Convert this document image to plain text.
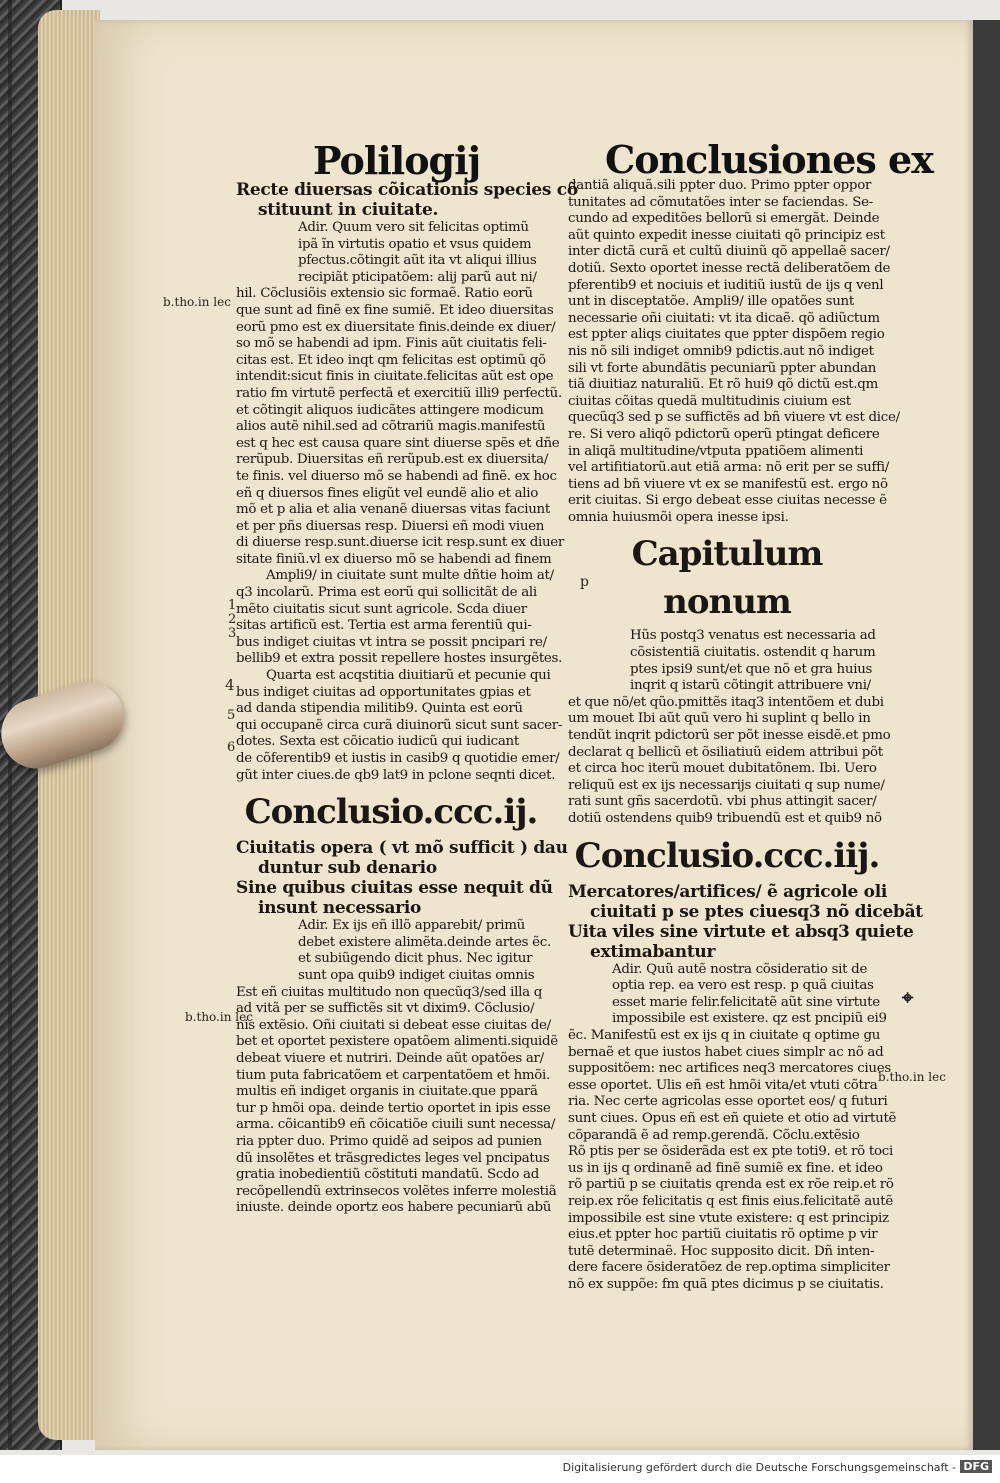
Polilogij	Conclusiones ex
b.tho.in lec
b.tho.in lec
b.tho.in lec
p
⌖
1
2
3
4
5
6
Recte diuersas cõicationis species cõ
stituunt in ciuitate.
Adir. Quum vero sit felicitas optimũ
ipã ĩn virtutis opatio et vsus quidem
pfectus.cõtingit aũt ita vt aliqui illius
recipiãt pticipatõem: alij parũ aut ni/
hil. Cõclusiõis extensio sic formaẽ. Ratio eorũ
que sunt ad finẽ ex fine sumiẽ. Et ideo diuersitas
eorũ pmo est ex diuersitate finis.deinde ex diuer/
so mõ se habendi ad ipm. Finis aũt ciuitatis feli-
citas est. Et ideo inqt qm felicitas est optimũ qõ
intendit:sicut finis in ciuitate.felicitas aũt est ope
ratio fm virtutẽ perfectã et exercitiũ illi9 perfectũ.
et cõtingit aliquos iudicãtes attingere modicum
alios autẽ nihil.sed ad cõtrariũ magis.manifestũ
est q hec est causa quare sint diuerse spẽs et dñe
rerũpub. Diuersitas eñ rerũpub.est ex diuersita/
te finis. vel diuerso mõ se habendi ad finẽ. ex hoc
eñ q diuersos fines eligũt vel eundẽ alio et alio
mõ et p alia et alia venanẽ diuersas vitas faciunt
et per pñs diuersas resp. Diuersi eñ modi viuen
di diuerse resp.sunt.diuerse icit resp.sunt ex diuer
sitate finiũ.vl ex diuerso mõ se habendi ad finem
Ampli9/ in ciuitate sunt multe dñtie hoim at/
q3 incolarũ. Prima est eorũ qui sollicitãt de ali
mẽto ciuitatis sicut sunt agricole. Scda diuer
sitas artificũ est. Tertia est arma ferentiũ qui-
bus indiget ciuitas vt intra se possit pncipari re/
bellib9 et extra possit repellere hostes insurgẽtes.
Quarta est acqstitia diuitiarũ et pecunie qui
bus indiget ciuitas ad opportunitates gpias et
ad danda stipendia militib9. Quinta est eorũ
qui occupanẽ circa curã diuinorũ sicut sunt sacer-
dotes. Sexta est cõicatio iudicũ qui iudicant
de cõferentib9 et iustis in casib9 q quotidie emer/
gũt inter ciues.de qb9 lat9 in pclone seqnti dicet.
Conclusio.ccc.ij.
Ciuitatis opera ( vt mõ sufficit ) dau
duntur sub denario
Sine quibus ciuitas esse nequit dũ
insunt necessario
Adir. Ex ijs eñ illõ apparebit/ primũ
debet existere alimẽta.deinde artes ẽc.
et subiũgendo dicit phus. Nec igitur
sunt opa quib9 indiget ciuitas omnis
Est eñ ciuitas multitudo non quecũq3/sed illa q
ad vitã per se suffictẽs sit vt dixim9. Cõclusio/
nis extẽsio. Oñi ciuitati si debeat esse ciuitas de/
bet et oportet pexistere opatõem alimenti.siquidẽ
debeat viuere et nutriri. Deinde aũt opatões ar/
tium puta fabricatõem et carpentatõem et hmõi.
multis eñ indiget organis in ciuitate.que pparã
tur p hmõi opa. deinde tertio oportet in ipis esse
arma. cõicantib9 eñ cõicatiõe ciuili sunt necessa/
ria ppter duo. Primo quidẽ ad seipos ad punien
dũ insolẽtes et trãsgredictes leges vel pncipatus
gratia inobedientiũ cõstituti mandatũ. Scdo ad
recõpellendũ extrinsecos volẽtes inferre molestiã
iniuste. deinde oportz eos habere pecuniarũ abũ
dantiã aliquã.sili ppter duo. Primo ppter oppor
tunitates ad cõmutatões inter se faciendas. Se-
cundo ad expeditões bellorũ si emergãt. Deinde
aũt quinto expedit inesse ciuitati qõ principiz est
inter dictã curã et cultũ diuinũ qõ appellaẽ sacer/
dotiũ. Sexto oportet inesse rectã deliberatõem de
pferentib9 et nociuis et iuditiũ iustũ de ijs q venl
unt in disceptatõe. Ampli9/ ille opatões sunt
necessarie oñi ciuitati: vt ita dicaẽ. qõ adiũctum
est ppter aliqs ciuitates que ppter dispõem regio
nis nõ sili indiget omnib9 pdictis.aut nõ indiget
sili vt forte abundãtis pecuniarũ ppter abundan
tiã diuitiaz naturaliũ. Et rõ hui9 qõ dictũ est.qm
ciuitas cõitas quedã multitudinis ciuium est
quecũq3 sed p se suffictẽs ad bñ viuere vt est dice/
re. Si vero aliqõ pdictorũ operũ ptingat deficere
in aliqã multitudine/vtputa ppatiõem alimenti
vel artifitiatorũ.aut etiã arma: nõ erit per se suffi/
tiens ad bñ viuere vt ex se manifestũ est. ergo nõ
erit ciuitas. Si ergo debeat esse ciuitas necesse ẽ
omnia huiusmõi opera inesse ipsi.
Capitulum nonum
Hũs postq3 venatus est necessaria ad
cõsistentiã ciuitatis. ostendit q harum
ptes ipsi9 sunt/et que nõ et gra huius
inqrit q istarũ cõtingit attribuere vni/
et que nõ/et qũo.pmittẽs itaq3 intentõem et dubi
um mouet Ibi aũt quũ vero hi suplint q bello in
tendũt inqrit pdictorũ ser põt inesse eisdẽ.et pmo
declarat q bellicũ et õsiliatiuũ eidem attribui põt
et circa hoc iterũ mouet dubitatõnem. Ibi. Uero
reliquũ est ex ijs necessarijs ciuitati q sup nume/
rati sunt gñs sacerdotũ. vbi phus attingit sacer/
dotiũ ostendens quib9 tribuendũ est et quib9 nõ
Conclusio.ccc.iij.
Mercatores/artifices/ ẽ agricole oli
ciuitati p se ptes ciuesq3 nõ dicebãt
Uita viles sine virtute et absq3 quiete
extimabantur
Adir. Quũ autẽ nostra cõsideratio sit de
optia rep. ea vero est resp. p quã ciuitas
esset marie felir.felicitatẽ aũt sine virtute
impossibile est existere. qz est pncipiũ ei9
ẽc. Manifestũ est ex ijs q in ciuitate q optime gu
bernaẽ et que iustos habet ciues simplr ac nõ ad
suppositõem: nec artifices neq3 mercatores ciues
esse oportet. Ulis eñ est hmõi vita/et vtuti cõtra
ria. Nec certe agricolas esse oportet eos/ q futuri
sunt ciues. Opus eñ est eñ quiete et otio ad virtutẽ
cõparandã ẽ ad remp.gerendã. Cõclu.extẽsio
Rõ ptis per se õsiderãda est ex pte toti9. et rõ toci
us in ijs q ordinanẽ ad finẽ sumiẽ ex fine. et ideo
rõ partiũ p se ciuitatis qrenda est ex rõe reip.et rõ
reip.ex rõe felicitatis q est finis eius.felicitatẽ autẽ
impossibile est sine vtute existere: q est principiz
eius.et ppter hoc partiũ ciuitatis rõ optime p vir
tutẽ determinaẽ. Hoc supposito dicit. Dñ inten-
dere facere õsideratõez de rep.optima simpliciter
nõ ex suppõe: fm quã ptes dicimus p se ciuitatis.
Digitalisierung gefördert durch die Deutsche Forschungsgemeinschaft - DFG
